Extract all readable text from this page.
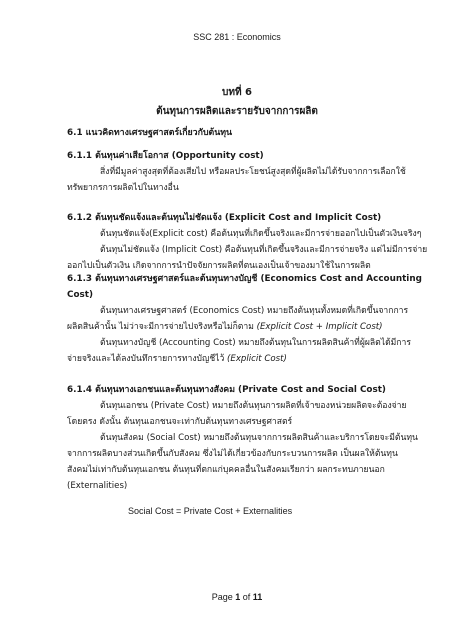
SSC 281 : Economics
บทที่ 6
ต้นทุนการผลิตและรายรับจากการผลิต
6.1 แนวคิดทางเศรษฐศาสตร์เกี่ยวกับต้นทุน
6.1.1 ต้นทุนค่าเสียโอกาส (Opportunity cost)
สิ่งที่มีมูลค่าสูงสุดที่ต้องเสียไป หรือผลประโยชน์สูงสุดที่ผู้ผลิตไม่ได้รับจากการเลือกใช้
ทรัพยากรการผลิตไปในทางอื่น
6.1.2 ต้นทุนชัดแจ้งและต้นทุนไม่ชัดแจ้ง (Explicit Cost and Implicit Cost)
ต้นทุนชัดแจ้ง(Explicit cost) คือต้นทุนที่เกิดขึ้นจริงและมีการจ่ายออกไปเป็นตัวเงินจริงๆ
ต้นทุนไม่ชัดแจ้ง (Implicit Cost) คือต้นทุนที่เกิดขึ้นจริงและมีการจ่ายจริง แต่ไม่มีการจ่าย
ออกไปเป็นตัวเงิน เกิดจากการนำปัจจัยการผลิตที่ตนเองเป็นเจ้าของมาใช้ในการผลิต
6.1.3 ต้นทุนทางเศรษฐศาสตร์และต้นทุนทางบัญชี (Economics Cost and Accounting
Cost)
ต้นทุนทางเศรษฐศาสตร์ (Economics Cost) หมายถึงต้นทุนทั้งหมดที่เกิดขึ้นจากการ
ผลิตสินค้านั้น ไม่ว่าจะมีการจ่ายไปจริงหรือไม่ก็ตาม (Explicit Cost + Implicit Cost)
ต้นทุนทางบัญชี (Accounting Cost) หมายถึงต้นทุนในการผลิตสินค้าที่ผู้ผลิตได้มีการ
จ่ายจริงและได้ลงบันทึกรายการทางบัญชีไว้ (Explicit Cost)
6.1.4 ต้นทุนทางเอกชนและต้นทุนทางสังคม (Private Cost and Social Cost)
ต้นทุนเอกชน (Private Cost) หมายถึงต้นทุนการผลิตที่เจ้าของหน่วยผลิตจะต้องจ่าย
โดยตรง ดังนั้น ต้นทุนเอกชนจะเท่ากับต้นทุนทางเศรษฐศาสตร์
ต้นทุนสังคม (Social Cost) หมายถึงต้นทุนจากการผลิตสินค้าและบริการโดยจะมีต้นทุน
จากการผลิตบางส่วนเกิดขึ้นกับสังคม ซึ่งไม่ได้เกี่ยวข้องกับกระบวนการผลิต เป็นผลให้ต้นทุน
สังคมไม่เท่ากับต้นทุนเอกชน ต้นทุนที่ตกแก่บุคคลอื่นในสังคมเรียกว่า ผลกระทบภายนอก
(Externalities)
Social Cost = Private Cost + Externalities
Page 1 of 11
